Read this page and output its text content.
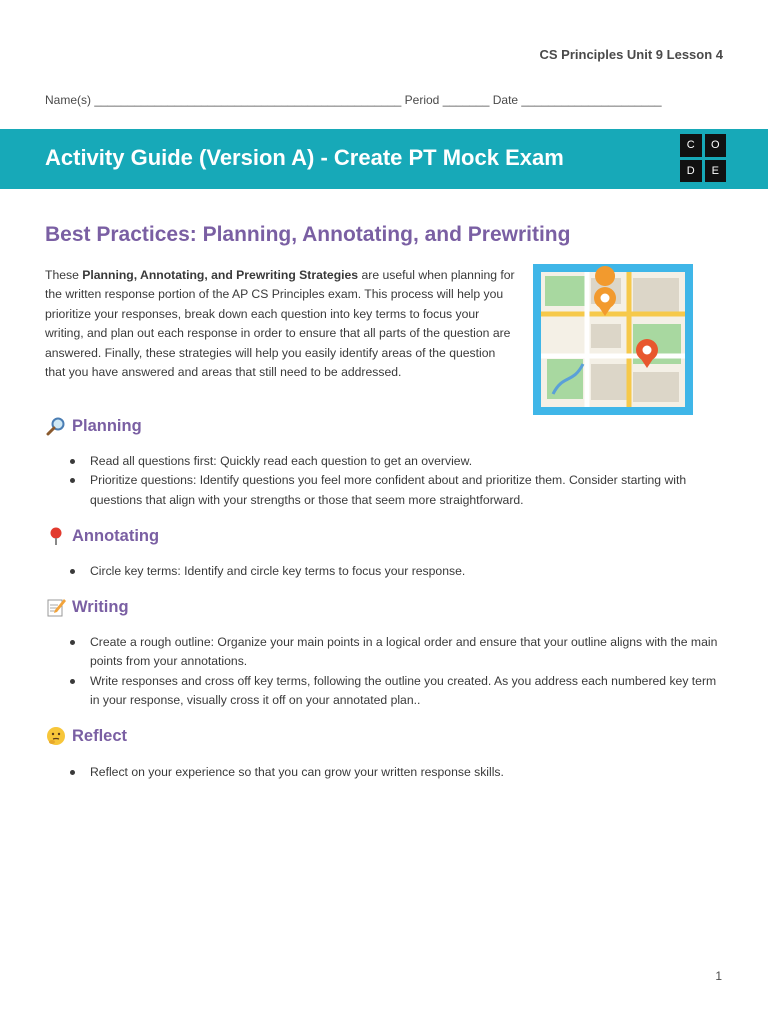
CS Principles Unit 9 Lesson 4
Name(s) ______________________________________________ Period _______ Date _____________________
Activity Guide (Version A) - Create PT Mock Exam	C	O
D	E
Best Practices: Planning, Annotating, and Prewriting

These Planning, Annotating, and Prewriting Strategies are useful when planning for the written response portion of the AP CS Principles exam. This process will help you prioritize your responses, break down each question into key terms to focus your writing, and plan out each response in order to ensure that all parts of the question are answered. Finally, these strategies will help you easily identify areas of the question that you have answered and areas that still need to be addressed.

Planning
Read all questions first: Quickly read each question to get an overview.
Prioritize questions: Identify questions you feel more confident about and prioritize them. Consider starting with questions that align with your strengths or those that seem more straightforward.
Annotating
Circle key terms: Identify and circle key terms to focus your response.
Writing
Create a rough outline: Organize your main points in a logical order and ensure that your outline aligns with the main points from your annotations.
Write responses and cross off key terms, following the outline you created. As you address each numbered key term in your response, visually cross it off on your annotated plan..
Reflect
Reflect on your experience so that you can grow your written response skills.
1
